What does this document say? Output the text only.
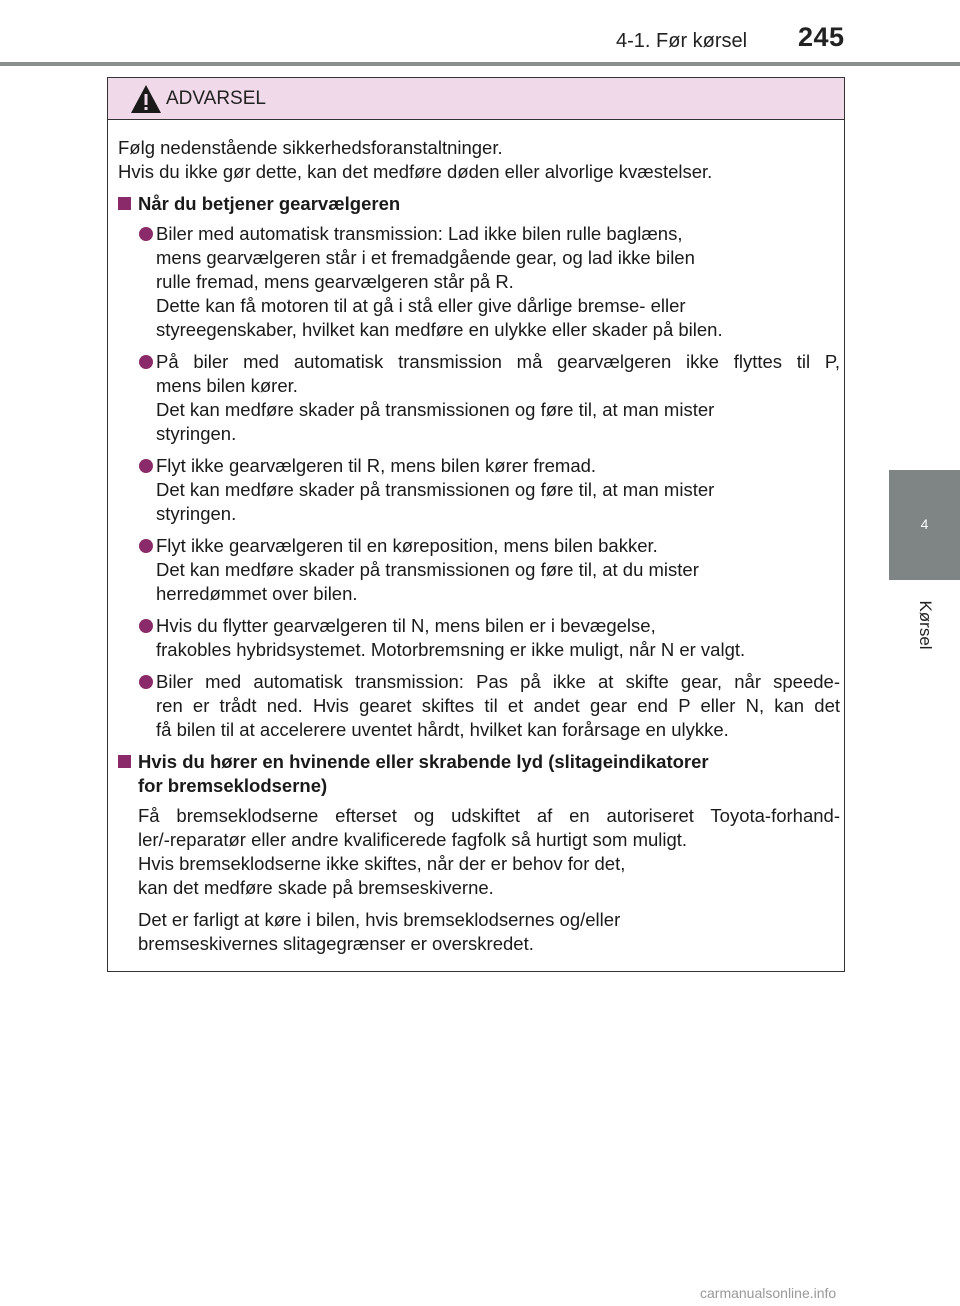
4-1. Før kørsel 245
4
Kørsel
ADVARSEL

Følg nedenstående sikkerhedsforanstaltninger.
Hvis du ikke gør dette, kan det medføre døden eller alvorlige kvæstelser.

Når du betjener gearvælgeren
Biler med automatisk transmission: Lad ikke bilen rulle baglæns,
mens gearvælgeren står i et fremadgående gear, og lad ikke bilen
rulle fremad, mens gearvælgeren står på R.
Dette kan få motoren til at gå i stå eller give dårlige bremse- eller
styreegenskaber, hvilket kan medføre en ulykke eller skader på bilen.
På biler med automatisk transmission må gearvælgeren ikke flyttes til P,
mens bilen kører.
Det kan medføre skader på transmissionen og føre til, at man mister
styringen.
Flyt ikke gearvælgeren til R, mens bilen kører fremad.
Det kan medføre skader på transmissionen og føre til, at man mister
styringen.
Flyt ikke gearvælgeren til en køreposition, mens bilen bakker.
Det kan medføre skader på transmissionen og føre til, at du mister
herredømmet over bilen.
Hvis du flytter gearvælgeren til N, mens bilen er i bevægelse,
frakobles hybridsystemet. Motorbremsning er ikke muligt, når N er valgt.
Biler med automatisk transmission: Pas på ikke at skifte gear, når speede-
ren er trådt ned. Hvis gearet skiftes til et andet gear end P eller N, kan det
få bilen til at accelerere uventet hårdt, hvilket kan forårsage en ulykke.
Hvis du hører en hvinende eller skrabende lyd (slitageindikatorer
for bremseklodserne)

Få bremseklodserne efterset og udskiftet af en autoriseret Toyota-forhand-
ler/-reparatør eller andre kvalificerede fagfolk så hurtigt som muligt.
Hvis bremseklodserne ikke skiftes, når der er behov for det,
kan det medføre skade på bremseskiverne.

Det er farligt at køre i bilen, hvis bremseklodsernes og/eller
bremseskivernes slitagegrænser er overskredet.

carmanualsonline.info
